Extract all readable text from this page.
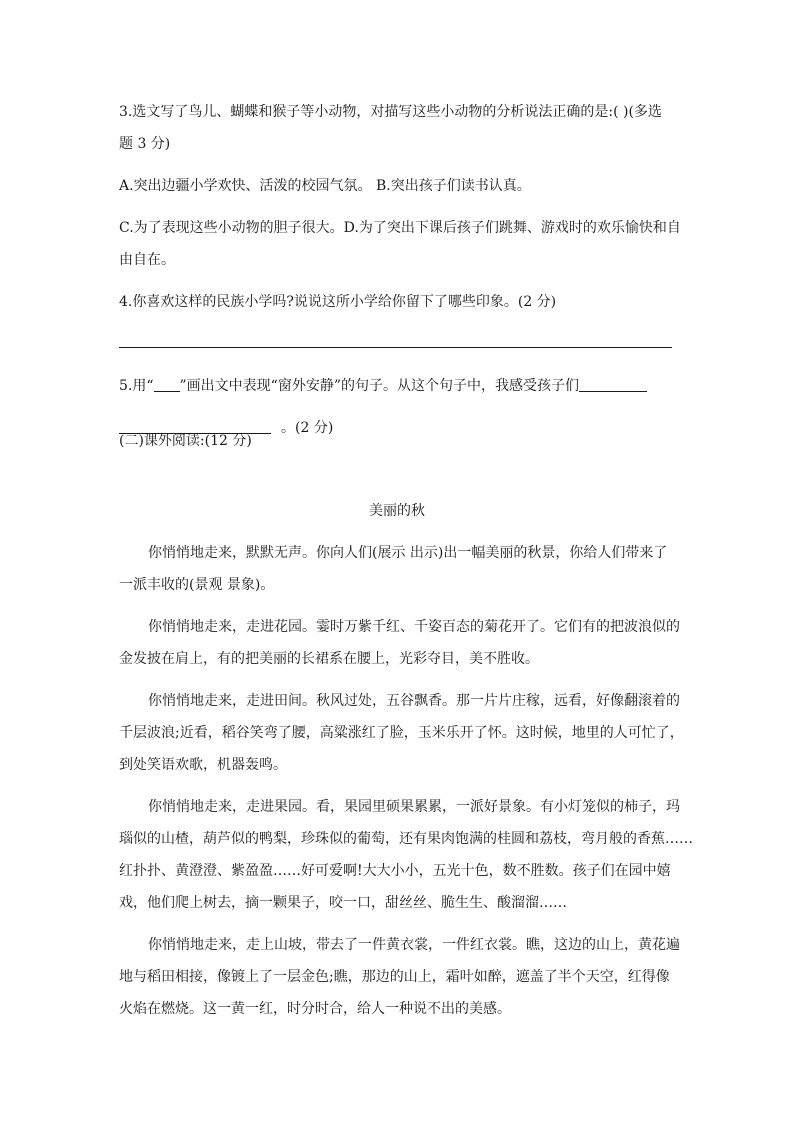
3.选文写了鸟儿、蝴蝶和猴子等小动物，对描写这些小动物的分析说法正确的是:( )(多选
题 3 分)
A.突出边疆小学欢快、活泼的校园气氛。 B.突出孩子们读书认真。
C.为了表现这些小动物的胆子很大。D.为了突出下课后孩子们跳舞、游戏时的欢乐愉快和自
由自在。
4.你喜欢这样的民族小学吗?说说这所小学给你留下了哪些印象。(2 分)
5.用“ ”画出文中表现“窗外安静”的句子。从这个句子中，我感受孩子们
。(2 分)
(二)课外阅读:(12 分)
美丽的秋
你悄悄地走来，默默无声。你向人们(展示 出示)出一幅美丽的秋景，你给人们带来了
一派丰收的(景观 景象)。
你悄悄地走来，走进花园。霎时万紫千红、千姿百态的菊花开了。它们有的把波浪似的
金发披在肩上，有的把美丽的长裙系在腰上，光彩夺目，美不胜收。
你悄悄地走来，走进田间。秋风过处，五谷飘香。那一片片庄稼，远看，好像翻滚着的
千层波浪;近看，稻谷笑弯了腰，高粱涨红了脸，玉米乐开了怀。这时候，地里的人可忙了，
到处笑语欢歌，机器轰鸣。
你悄悄地走来，走进果园。看，果园里硕果累累，一派好景象。有小灯笼似的柿子，玛
瑙似的山楂，葫芦似的鸭梨，珍珠似的葡萄，还有果肉饱满的桂圆和荔枝，弯月般的香蕉……
红扑扑、黄澄澄、紫盈盈……好可爱啊!大大小小，五光十色，数不胜数。孩子们在园中嬉
戏，他们爬上树去，摘一颗果子，咬一口，甜丝丝、脆生生、酸溜溜……
你悄悄地走来，走上山坡，带去了一件黄衣裳，一件红衣裳。瞧，这边的山上，黄花遍
地与稻田相接，像镀上了一层金色;瞧，那边的山上，霜叶如醉，遮盖了半个天空，红得像
火焰在燃烧。这一黄一红，时分时合，给人一种说不出的美感。
